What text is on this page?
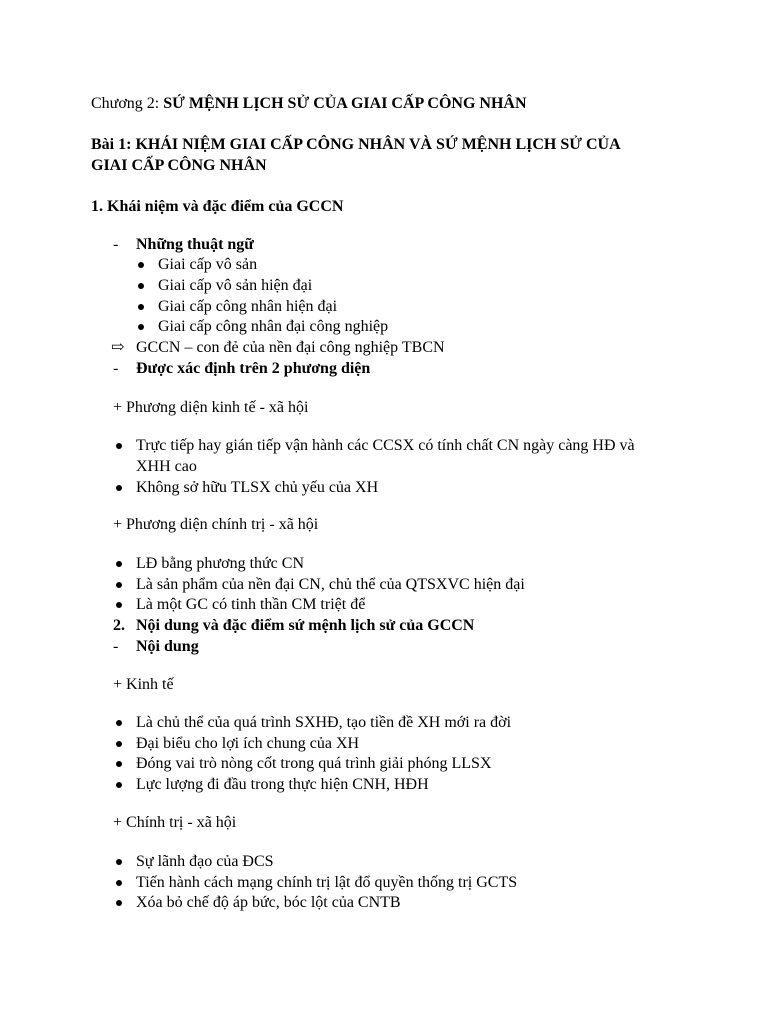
Chương 2: SỨ MỆNH LỊCH SỬ CỦA GIAI CẤP CÔNG NHÂN
Bài 1: KHÁI NIỆM GIAI CẤP CÔNG NHÂN VÀ SỨ MỆNH LỊCH SỬ CỦA
GIAI CẤP CÔNG NHÂN
1. Khái niệm và đặc điểm của GCCN
- Những thuật ngữ
Giai cấp vô sản
Giai cấp vô sản hiện đại
Giai cấp công nhân hiện đại
Giai cấp công nhân đại công nghiệp
⇨ GCCN – con đẻ của nền đại công nghiệp TBCN
- Được xác định trên 2 phương diện
+ Phương diện kinh tế - xã hội
Trực tiếp hay gián tiếp vận hành các CCSX có tính chất CN ngày càng HĐ và
XHH cao
Không sở hữu TLSX chủ yếu của XH
+ Phương diện chính trị - xã hội
LĐ bằng phương thức CN
Là sản phẩm của nền đại CN, chủ thể của QTSXVC hiện đại
Là một GC có tinh thần CM triệt để
2. Nội dung và đặc điểm sứ mệnh lịch sử của GCCN
- Nội dung
+ Kinh tế
Là chủ thể của quá trình SXHĐ, tạo tiền đề XH mới ra đời
Đại biểu cho lợi ích chung của XH
Đóng vai trò nòng cốt trong quá trình giải phóng LLSX
Lực lượng đi đầu trong thực hiện CNH, HĐH
+ Chính trị - xã hội
Sự lãnh đạo của ĐCS
Tiến hành cách mạng chính trị lật đổ quyền thống trị GCTS
Xóa bỏ chế độ áp bức, bóc lột của CNTB
